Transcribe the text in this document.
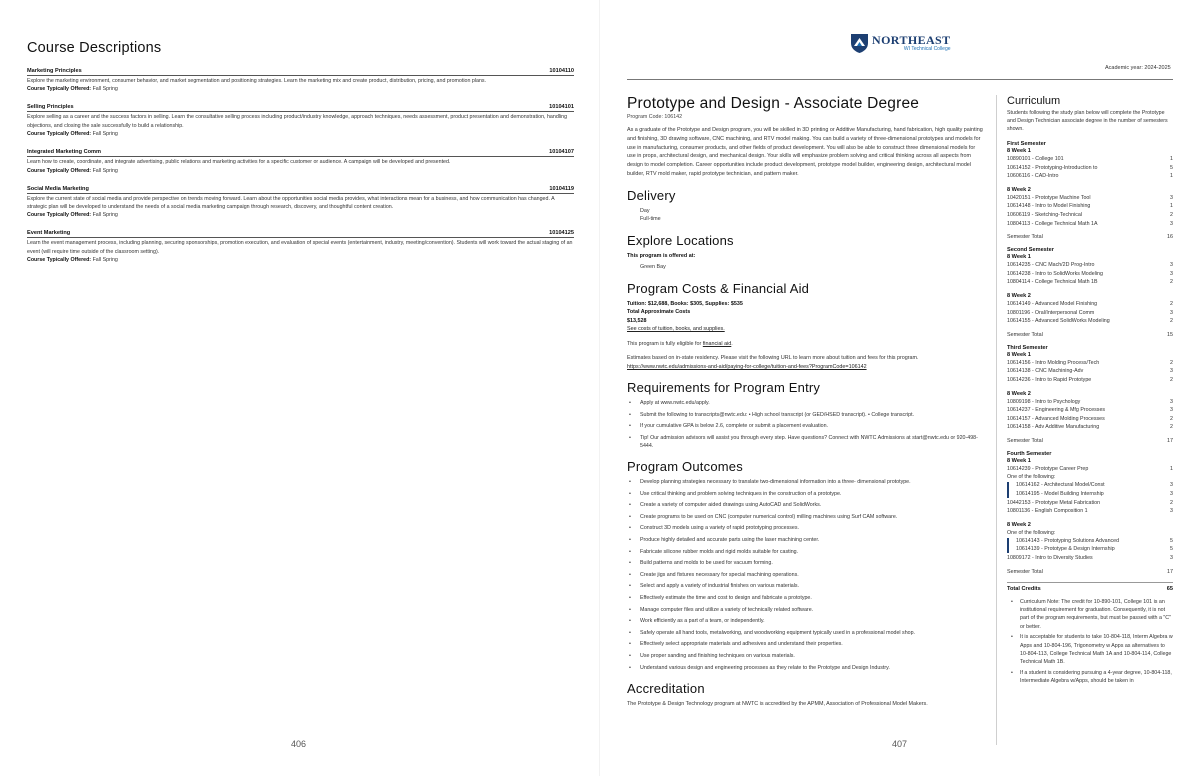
Course Descriptions
Marketing Principles	10104110
Explore the marketing environment, consumer behavior, and market segmentation and positioning strategies. Learn the marketing mix and create product, distribution, pricing, and promotion plans.
Course Typically Offered: Fall Spring
Selling Principles	10104101
Explore selling as a career and the success factors in selling. Learn the consultative selling process including product/industry knowledge, approach techniques, needs assessment, product presentation and demonstration, handling objections, and closing the sale successfully to build a relationship.
Course Typically Offered: Fall Spring
Integrated Marketing Comm	10104107
Learn how to create, coordinate, and integrate advertising, public relations and marketing activities for a specific customer or audience. A campaign will be developed and presented.
Course Typically Offered: Fall Spring
Social Media Marketing	10104119
Explore the current state of social media and provide perspective on trends moving forward. Learn about the opportunities social media provides, what interactions mean for a business, and how communication has changed. A strategic plan will be developed to understand the needs of a social media marketing campaign through research, discovery, and thoughtful content creation.
Course Typically Offered: Fall Spring
Event Marketing	10104125
Learn the event management process, including planning, securing sponsorships, promotion execution, and evaluation of special events (entertainment, industry, meeting/convention). Students will work toward the actual staging of an event (will require time outside of the classroom setting).
Course Typically Offered: Fall Spring
406
NORTHEAST
WI Technical College
Academic year: 2024-2025
Prototype and Design - Associate Degree
Program Code: 106142
As a graduate of the Prototype and Design program, you will be skilled in 3D printing or Additive Manufacturing, hand fabrication, high quality painting and finishing, 3D drawing software, CNC machining, and RTV model making. You can build a variety of three-dimensional prototypes and models for use in manufacturing, consumer products, and other fields of product development. You will also be able to construct three dimensional models for use in props, architectural design, and mechanical design. Your skills will emphasize problem solving and critical thinking across all aspects from design to model completion. Career opportunities include product development, prototype model builder, engineering design, architectural model builder, RTV mold maker, rapid prototype technician, and pattern maker.
Delivery
Day
Full-time
Explore Locations
This program is offered at:
Green Bay
Program Costs & Financial Aid
Tuition: $12,688, Books: $305, Supplies: $535
Total Approximate Costs
$13,528
See costs of tuition, books, and supplies.
This program is fully eligible for financial aid.
Estimates based on in-state residency. Please visit the following URL to learn more about tuition and fees for this program.
https://www.nwtc.edu/admissions-and-aid/paying-for-college/tuition-and-fees?ProgramCode=106142
Requirements for Program Entry
• Apply at www.nwtc.edu/apply.
• Submit the following to transcripts@nwtc.edu: • High school transcript (or GED/HSED transcript). • College transcript.
• If your cumulative GPA is below 2.6, complete or submit a placement evaluation.
• Tip! Our admission advisors will assist you through every step. Have questions? Connect with NWTC Admissions at start@nwtc.edu or 920-498-5444.
Program Outcomes
• Develop planning strategies necessary to translate two-dimensional information into a three- dimensional prototype.
• Use critical thinking and problem solving techniques in the construction of a prototype.
• Create a variety of computer aided drawings using AutoCAD and SolidWorks.
• Create programs to be used on CNC (computer numerical control) milling machines using Surf CAM software.
• Construct 3D models using a variety of rapid prototyping processes.
• Produce highly detailed and accurate parts using the laser machining center.
• Fabricate silicone rubber molds and rigid molds suitable for casting.
• Build patterns and molds to be used for vacuum forming.
• Create jigs and fixtures necessary for special machining operations.
• Select and apply a variety of industrial finishes on various materials.
• Effectively estimate the time and cost to design and fabricate a prototype.
• Manage computer files and utilize a variety of technically related software.
• Work efficiently as a part of a team, or independently.
• Safely operate all hand tools, metalworking, and woodworking equipment typically used in a professional model shop.
• Effectively select appropriate materials and adhesives and understand their properties.
• Use proper sanding and finishing techniques on various materials.
• Understand various design and engineering processes as they relate to the Prototype and Design Industry.
Accreditation
The Prototype & Design Technology program at NWTC is accredited by the APMM, Association of Professional Model Makers.
Curriculum
Students following the study plan below will complete the Prototype and Design Technician associate degree in the number of semesters shown.
First Semester
8 Week 1
10890101 - College 101	1
10614152 - Prototyping-Introduction to	5
10606116 - CAD-Intro	1
8 Week 2
10420151 - Prototype Machine Tool	3
10614148 - Intro to Model Finishing	1
10606119 - Sketching-Technical	2
10804113 - College Technical Math 1A	3
Semester Total	16
Second Semester
8 Week 1
10614235 - CNC Mach/2D Prog-Intro	3
10614238 - Intro to SolidWorks Modeling	3
10804114 - College Technical Math 1B	2
8 Week 2
10614149 - Advanced Model Finishing	2
10801196 - Oral/Interpersonal Comm	3
10614155 - Advanced SolidWorks Modeling	2
Semester Total	15
Third Semester
8 Week 1
10614156 - Intro Molding Process/Tech	2
10614138 - CNC Machining-Adv	3
10614236 - Intro to Rapid Prototype	2
8 Week 2
10809198 - Intro to Psychology	3
10614237 - Engineering & Mfg Processes	3
10614157 - Advanced Molding Processes	2
10614158 - Adv Additive Manufacturing	2
Semester Total	17
Fourth Semester
8 Week 1
10614239 - Prototype Career Prep	1
One of the following:
10614162 - Architectural Model/Const	3
10614195 - Model Building Internship	3
10442153 - Prototype Metal Fabrication	2
10801136 - English Composition 1	3
8 Week 2
One of the following:
10614143 - Prototyping Solutions Advanced	5
10614139 - Prototype & Design Internship	5
10809172 - Intro to Diversity Studies	3
Semester Total	17
Total Credits	65
• Curriculum Note: The credit for 10-890-101, College 101 is an institutional requirement for graduation. Consequently, it is not part of the program requirements, but must be passed with a "C" or better.
• It is acceptable for students to take 10-804-118, Interm Algebra w Apps and 10-804-196, Trigonometry w Apps as alternatives to 10-804-113, College Technical Math 1A and 10-804-114, College Technical Math 1B.
• If a student is considering pursuing a 4-year degree, 10-804-118, Intermediate Algebra w/Apps, should be taken in
407
